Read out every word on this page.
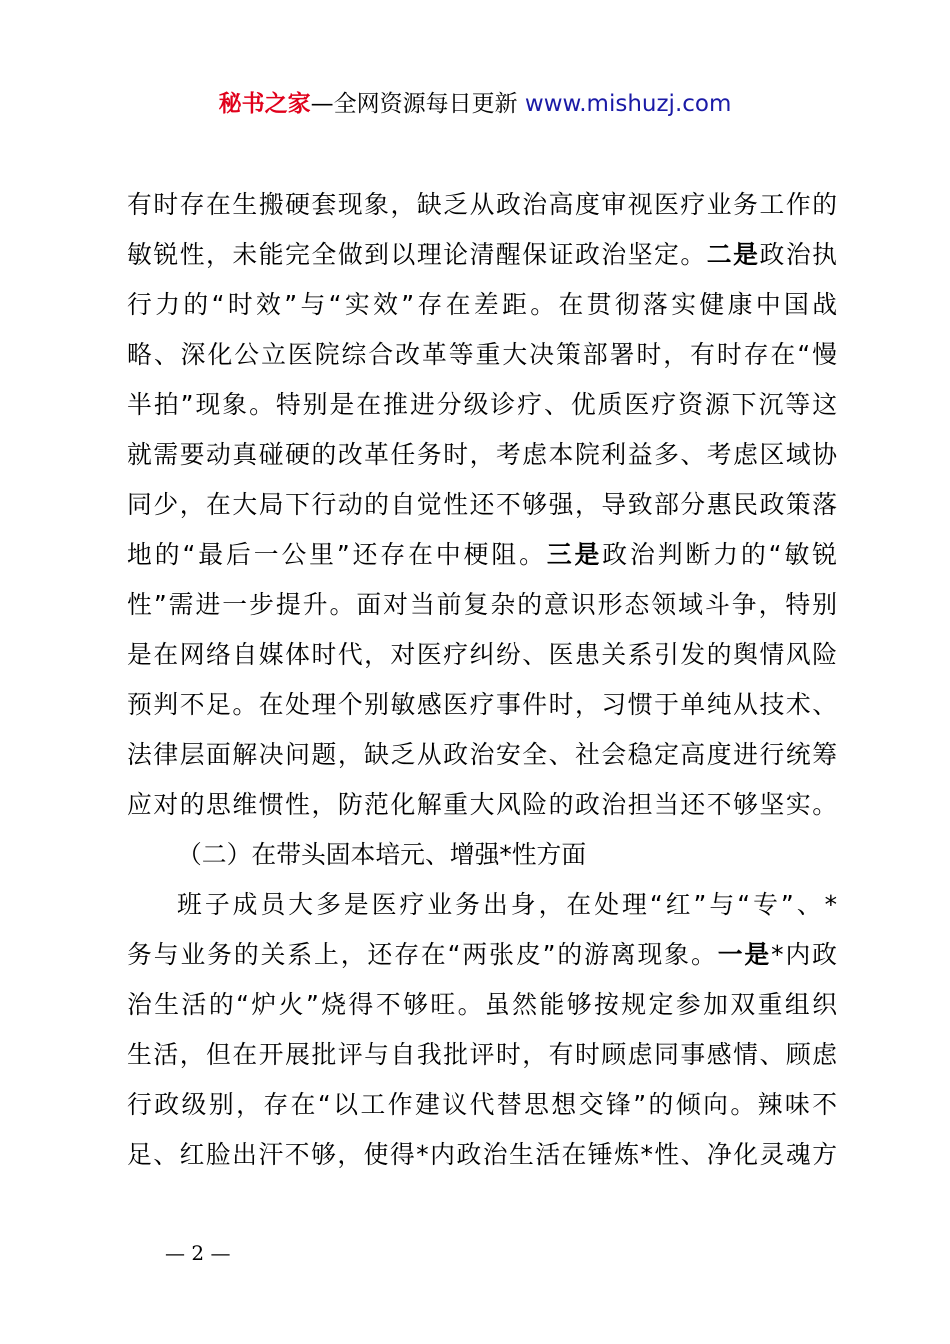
秘书之家—全网资源每日更新 www.mishuzj.com
有时存在生搬硬套现象，缺乏从政治高度审视医疗业务工作的
敏锐性，未能完全做到以理论清醒保证政治坚定。二是政治执
行力的“时效”与“实效”存在差距。在贯彻落实健康中国战
略、深化公立医院综合改革等重大决策部署时，有时存在“慢
半拍”现象。特别是在推进分级诊疗、优质医疗资源下沉等这
就需要动真碰硬的改革任务时，考虑本院利益多、考虑区域协
同少，在大局下行动的自觉性还不够强，导致部分惠民政策落
地的“最后一公里”还存在中梗阻。三是政治判断力的“敏锐
性”需进一步提升。面对当前复杂的意识形态领域斗争，特别
是在网络自媒体时代，对医疗纠纷、医患关系引发的舆情风险
预判不足。在处理个别敏感医疗事件时，习惯于单纯从技术、
法律层面解决问题，缺乏从政治安全、社会稳定高度进行统筹
应对的思维惯性，防范化解重大风险的政治担当还不够坚实。
（二）在带头固本培元、增强*性方面
班子成员大多是医疗业务出身，在处理“红”与“专”、*
务与业务的关系上，还存在“两张皮”的游离现象。一是*内政
治生活的“炉火”烧得不够旺。虽然能够按规定参加双重组织
生活，但在开展批评与自我批评时，有时顾虑同事感情、顾虑
行政级别，存在“以工作建议代替思想交锋”的倾向。辣味不
足、红脸出汗不够，使得*内政治生活在锤炼*性、净化灵魂方
— 2 —
